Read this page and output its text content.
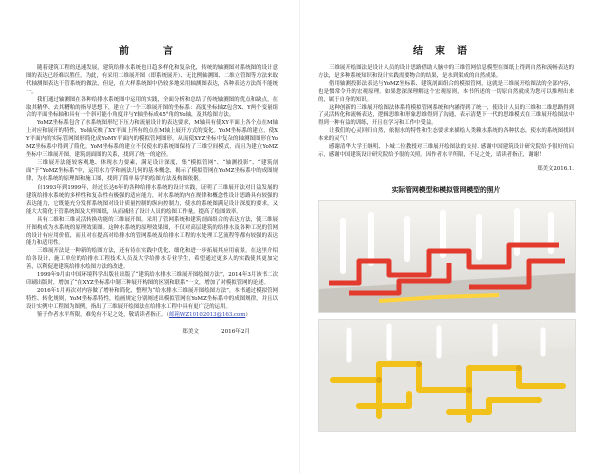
前　言

随着建筑工程的迅速发展，建筑给排水系统也日趋多样化和复杂化，传统的轴测图对系统图的设计意图的表达已经难以胜任。为此，有采用二维展开图（即系统展开）、无比例轴测图、二维立管图等方法来取代轴测图表达干管系统的做法，但是，在大样系统图中仍较多地采用轴测图表达，各种表达方法尚不能统一。

我们通过轴测图在各种给排水系统图中运用的实践，全面分析和总结了传统轴测图的优点和缺点，在取其精华、去其糟粕的指导思想下，建立了一个三维展开图的坐标系：高度坐标轴Z包含X、Y两个变量组合的平面坐标轴和具有一个斜可能小角度并与Y轴坐标成45°角的Yo轴，及其绘图方法。

YoMZ坐标系包含了水系统图形纪下压力和流量设计的表达要求，M轴具有使XY平面上各个点在M轴上对应和展开的特性，Yo轴反映了XY平面上所有的点在M轴上展开方式的变化。YoM坐标系的建立，使XY平面内的实际管网图形简化成YoMY平面内的模拟管网图形，从而使XYZ坐标中复杂的轴测图图形在YoMZ坐标系中得到了简化。YoM坐标系的建立不仅使水的系统图保持了三维空间模式，而且为建立YoMZ坐标中三维展开图，建筑剖面图的关系，找到了统一的途径。

三维展开法能较客观地、体现水力要素，满足设计深度，集“模拟管网”、“轴测投影”、“建筑剖面”于“YoMZ坐标系”中，运用水力学和画法几何的基本概念，揭示了模拟管网在YoMZ坐标系中的成图规律，为水系统的原理图和施工图，找到了简单易学的绘图方法及构图依据。

自1993年到1999年，经过长达6年的各种给排水系统的设计实践，证明了三维展开法对日益发展的建筑给排水系统的多样性和复杂性有极强的适应能力，对水系统的内在规律和概念性设计思路具有较强的表达能力，它既能充分发挥系统图对设计质量控制的纵向控制力，使水的系统图满足设计深度的要求，又能大大简化于管系统图及大样图纸，从而减轻了设计人员的绘图工作量，提高了绘图效率。

具有二维和三维灵活转换功能的三维展开图，采用了管网系统和建筑剖面组合的表达方法，使三维展开图构成为水系统的原理效果图。这种水系统的原理效果图，不仅对高层建筑的给排水及各种工况的管网的设计有应用价值，而且对在提高对给排水的管网系统及给排水工程的水处理工艺流程等都有较强的表达能力和适用性。

三维展开法是一种新的绘图方法，还有待在实践中优化、细化和进一步拓展其应用前景。在这里介绍给各设计、施工单位的给排水工程技术人员及大学给排水专业学生，希望通过更多人的实践使其更加完善，以利促进建筑给排水绘图方法的改进。

1999年9月由中国环境科学出版社出版了“建筑给水排水三维展开图绘图方法”，2014年3月该书二次印刷出版时，增加了“在XYZ坐标系中制三种展开构图的区别和联系”一文，增加了对模拟管网的论述。

2016年1月再次对内容做了增补和简化，整理为“给水排水三维展开图绘图方法”，本书通过模拟管网特性、转化规则，YoM坐标系特性，绘画规定分别阐述出模拟管网在YoMZ坐标系中的成图规律，并且以设计实例中工程图为图例，指出了三维展开绘图法在给排水工程中具有更广泛的运用。

鉴于作者水平所限，难免有不足之处，敬请读者指正。（邮箱WZ10102013@163.com）

郑美文	2016年2月
结束语

三维展开绘图法是设计人员的设计思路借助人脑中的三维管网信息模型在图纸上得到自然和流畅表达的方法，是多种系统知识和设计实践需要物合的结果，是水到渠成的自然成果。

借用轴测投影法表达与YoMZ坐标系、建筑剖面组合的模拟管网，这就是三维展开绘图法的全部内容，也是惯常令升的宏观原理。如果您深深理解这个宏观原则，本书所述的一切原自然就成为您可以推理出来的，属于自身的知识。

这种创新的三维展开绘图法体系将模拟管网系统和内涵得到了统一，使设计人员的三维和二维思路得到了灵活转化和流畅表达，逻辑思维和形象思维得到了沟通，表示清楚下一代的思维模式在三维展开绘图法中得到一种有益的训练，开且在学习和工作中受益。

让我们的心灵回归自然，依据水的特性和生态要求来描绘人类赖水系统的各种状态，使水的系统图找回本来的灵气！

感谢清华大学王继明、卜城二位教授对三维展开绘图法的支持. 感谢中国建筑设计研究院给予很好的启示，感谢中国建筑设计研究院给予很的关照。因作者水平所限，不足之处，请读者指正，谢谢！

郑美文2016.1.
实际管网模型和模拟管网模型的照片
